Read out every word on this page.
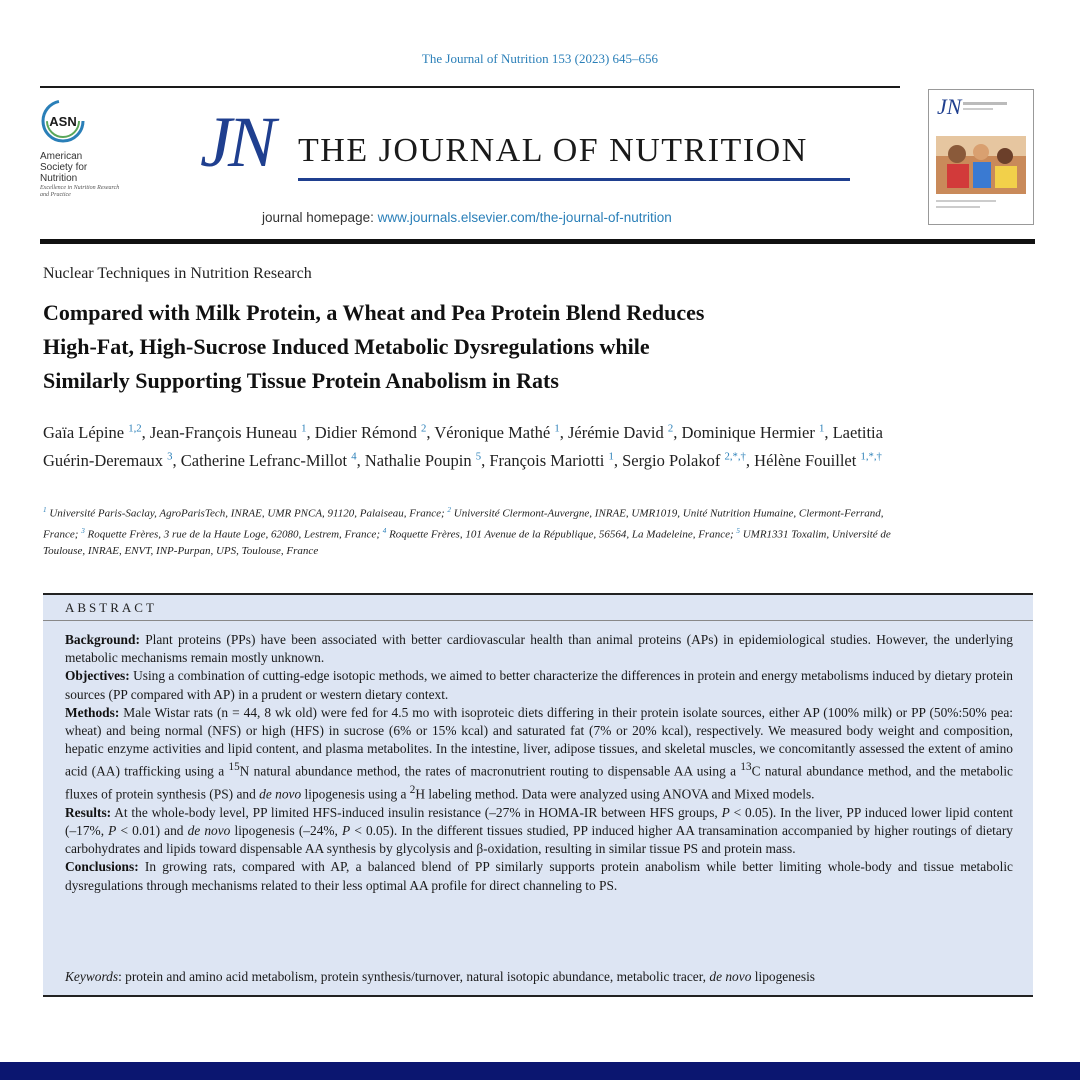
The Journal of Nutrition 153 (2023) 645–656
ASN
American
Society for
Nutrition
Excellence in Nutrition Research and Practice
JN THE JOURNAL OF NUTRITION
journal homepage: www.journals.elsevier.com/the-journal-of-nutrition
JN
Nuclear Techniques in Nutrition Research
Compared with Milk Protein, a Wheat and Pea Protein Blend Reduces
High-Fat, High-Sucrose Induced Metabolic Dysregulations while
Similarly Supporting Tissue Protein Anabolism in Rats
Gaïa Lépine $^{1,2}$, Jean-François Huneau $^1$, Didier Rémond $^2$, Véronique Mathé $^1$, Jérémie David $^2$, Dominique Hermier $^1$, Laetitia Guérin-Deremaux $^3$, Catherine Lefranc-Millot $^4$, Nathalie Poupin $^5$, François Mariotti $^1$, Sergio Polakof $^{2,*,\dagger}$, Hélène Fouillet $^{1,*,\dagger}$
$^1$ Université Paris-Saclay, AgroParisTech, INRAE, UMR PNCA, 91120, Palaiseau, France; $^2$ Université Clermont-Auvergne, INRAE, UMR1019, Unité Nutrition Humaine, Clermont-Ferrand, France; $^3$ Roquette Frères, 3 rue de la Haute Loge, 62080, Lestrem, France; $^4$ Roquette Frères, 101 Avenue de la République, 56564, La Madeleine, France; $^5$ UMR1331 Toxalim, Université de Toulouse, INRAE, ENVT, INP-Purpan, UPS, Toulouse, France
ABSTRACT
Background: Plant proteins (PPs) have been associated with better cardiovascular health than animal proteins (APs) in epidemiological studies. However, the underlying metabolic mechanisms remain mostly unknown.
Objectives: Using a combination of cutting-edge isotopic methods, we aimed to better characterize the differences in protein and energy metabolisms induced by dietary protein sources (PP compared with AP) in a prudent or western dietary context.
Methods: Male Wistar rats (n = 44, 8 wk old) were fed for 4.5 mo with isoproteic diets differing in their protein isolate sources, either AP (100% milk) or PP (50%:50% pea: wheat) and being normal (NFS) or high (HFS) in sucrose (6% or 15% kcal) and saturated fat (7% or 20% kcal), respectively. We measured body weight and composition, hepatic enzyme activities and lipid content, and plasma metabolites. In the intestine, liver, adipose tissues, and skeletal muscles, we concomitantly assessed the extent of amino acid (AA) trafficking using a $^{15}$N natural abundance method, the rates of macronutrient routing to dispensable AA using a $^{13}$C natural abundance method, and the metabolic fluxes of protein synthesis (PS) and de novo lipogenesis using a $^2$H labeling method. Data were analyzed using ANOVA and Mixed models.
Results: At the whole-body level, PP limited HFS-induced insulin resistance (–27% in HOMA-IR between HFS groups, P < 0.05). In the liver, PP induced lower lipid content (–17%, P < 0.01) and de novo lipogenesis (–24%, P < 0.05). In the different tissues studied, PP induced higher AA transamination accompanied by higher routings of dietary carbohydrates and lipids toward dispensable AA synthesis by glycolysis and β-oxidation, resulting in similar tissue PS and protein mass.
Conclusions: In growing rats, compared with AP, a balanced blend of PP similarly supports protein anabolism while better limiting whole-body and tissue metabolic dysregulations through mechanisms related to their less optimal AA profile for direct channeling to PS.
Keywords: protein and amino acid metabolism, protein synthesis/turnover, natural isotopic abundance, metabolic tracer, de novo lipogenesis
